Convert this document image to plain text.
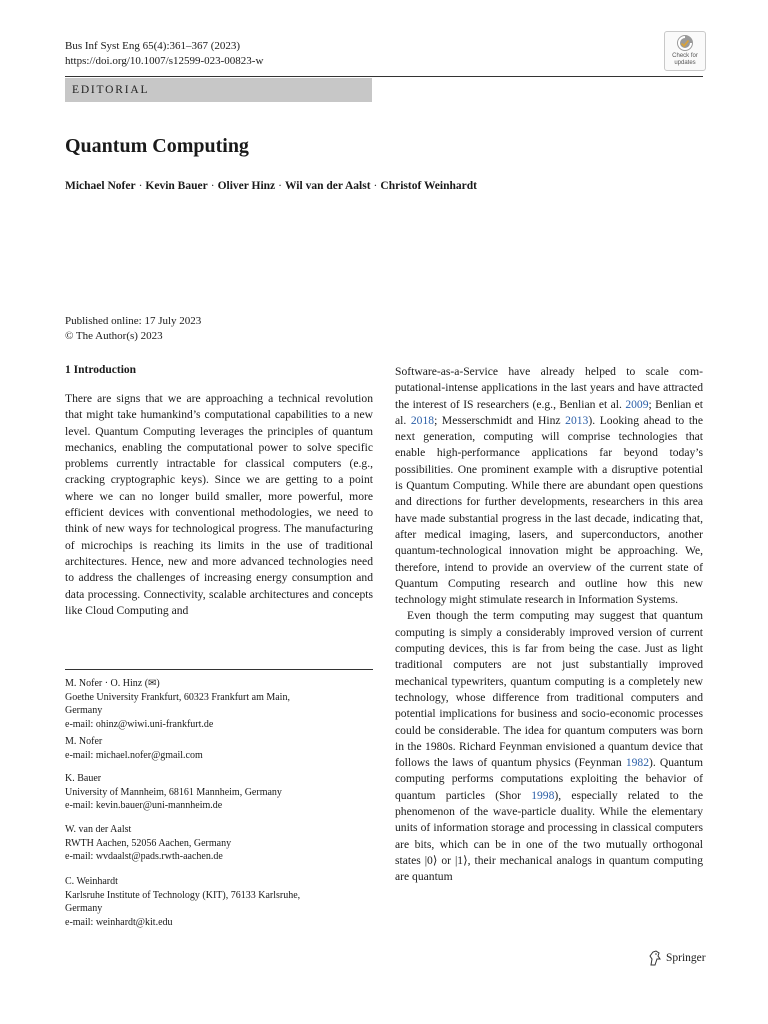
Bus Inf Syst Eng 65(4):361–367 (2023)
https://doi.org/10.1007/s12599-023-00823-w	Check for
updates
EDITORIAL
Quantum Computing
Michael Nofer · Kevin Bauer · Oliver Hinz · Wil van der Aalst · Christof Weinhardt
Published online: 17 July 2023
© The Author(s) 2023
1 Introduction

There are signs that we are approaching a technical revolution that might take humankind’s computational capabilities to a new level. Quantum Computing leverages the principles of quantum mechanics, enabling the computational power to solve specific problems currently intractable for classical computers (e.g., cracking cryptographic keys). Since we are getting to a point where we can no longer build smaller, more powerful, more efficient devices with conventional methodologies, we need to think of new ways for technological progress. The manufacturing of microchips is reaching its limits in the use of traditional architectures. Hence, new and more advanced technologies need to address the challenges of increasing energy consumption and data processing. Connectivity, scalable architectures and concepts like Cloud Computing and

Software-as-a-Service have already helped to scale computational-intense applications in the last years and have attracted the interest of IS researchers (e.g., Benlian et al. 2009; Benlian et al. 2018; Messerschmidt and Hinz 2013). Looking ahead to the next generation, computing will comprise technologies that enable high-performance applications far beyond today’s possibilities. One prominent example with a disruptive potential is Quantum Computing. While there are abundant open questions and directions for further developments, researchers in this area have made substantial progress in the last decade, indicating that, after medical imaging, lasers, and superconductors, another quantum-technological innovation might be approaching. We, therefore, intend to provide an overview of the current state of Quantum Computing research and outline how this new technology might stimulate research in Information Systems.

Even though the term computing may suggest that quantum computing is simply a considerably improved version of current computing devices, this is far from being the case. Just as light traditional computers are not just substantially improved mechanical typewriters, quantum computing is a completely new technology, whose difference from traditional computers and potential implications for business and socio-economic processes could be considerable. The idea for quantum computers was born in the 1980s. Richard Feynman envisioned a quantum device that follows the laws of quantum physics (Feynman 1982). Quantum computing performs computations exploiting the behavior of quantum particles (Shor 1998), especially related to the phenomenon of the wave-particle duality. While the elementary units of information storage and processing in classical computers are bits, which can be in one of the two mutually orthogonal states |0⟩ or |1⟩, their mechanical analogs in quantum computing are quantum

M. Nofer · O. Hinz (✉)
Goethe University Frankfurt, 60323 Frankfurt am Main,
Germany
e-mail: ohinz@wiwi.uni-frankfurt.de
M. Nofer
e-mail: michael.nofer@gmail.com
K. Bauer
University of Mannheim, 68161 Mannheim, Germany
e-mail: kevin.bauer@uni-mannheim.de
W. van der Aalst
RWTH Aachen, 52056 Aachen, Germany
e-mail: wvdaalst@pads.rwth-aachen.de
C. Weinhardt
Karlsruhe Institute of Technology (KIT), 76133 Karlsruhe,
Germany
e-mail: weinhardt@kit.edu
Springer
